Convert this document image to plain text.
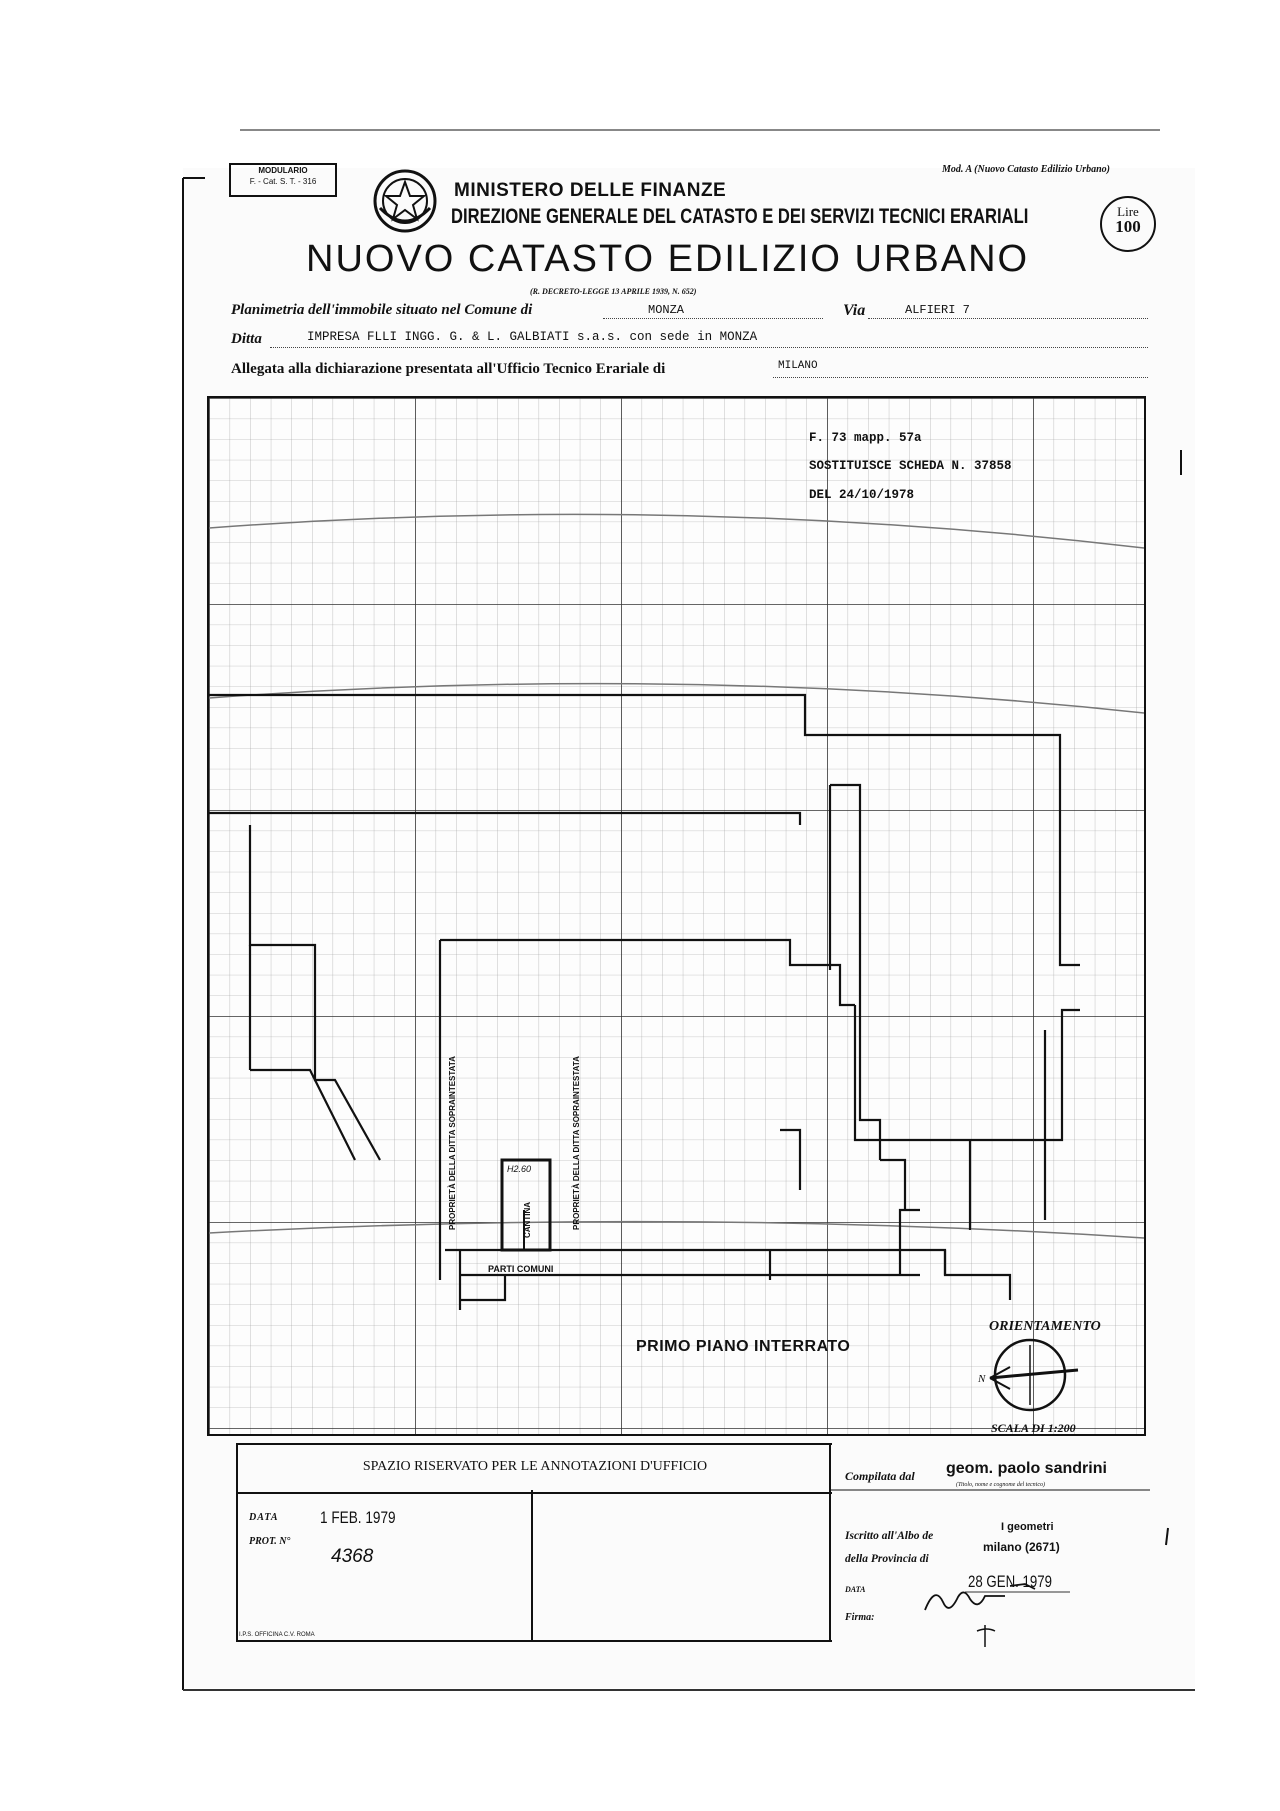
MODULARIO
F. - Cat. S. T. - 316
Mod. A (Nuovo Catasto Edilizio Urbano)
MINISTERO DELLE FINANZE
DIREZIONE GENERALE DEL CATASTO E DEI SERVIZI TECNICI ERARIALI
NUOVO CATASTO EDILIZIO URBANO
(R. DECRETO-LEGGE 13 APRILE 1939, N. 652)
Lire
100
Planimetria dell'immobile situato nel Comune di	MONZA	Via	ALFIERI 7
Ditta	IMPRESA FLLI INGG. G. & L. GALBIATI s.a.s. con sede in MONZA
Allegata alla dichiarazione presentata all'Ufficio Tecnico Erariale di	MILANO
F. 73 mapp. 57a
SOSTITUISCE SCHEDA N. 37858
DEL 24/10/1978
PROPRIETÀ DELLA DITTA SOPRAINTESTATA	PROPRIETÀ DELLA DITTA SOPRAINTESTATA
H2.60
CANTINA
PARTI COMUNI
PRIMO PIANO INTERRATO
ORIENTAMENTO
N
SCALA DI 1:200
SPAZIO RISERVATO PER LE ANNOTAZIONI D'UFFICIO
DATA 1 FEB. 1979
PROT. N°
4368
I.P.S. OFFICINA C.V. ROMA
Compilata dal geom. paolo sandrini
(Titolo, nome e cognome del tecnico)
Iscritto all'Albo de
I geometri
della Provincia di
milano (2671)
DATA	28 GEN. 1979
Firma:
